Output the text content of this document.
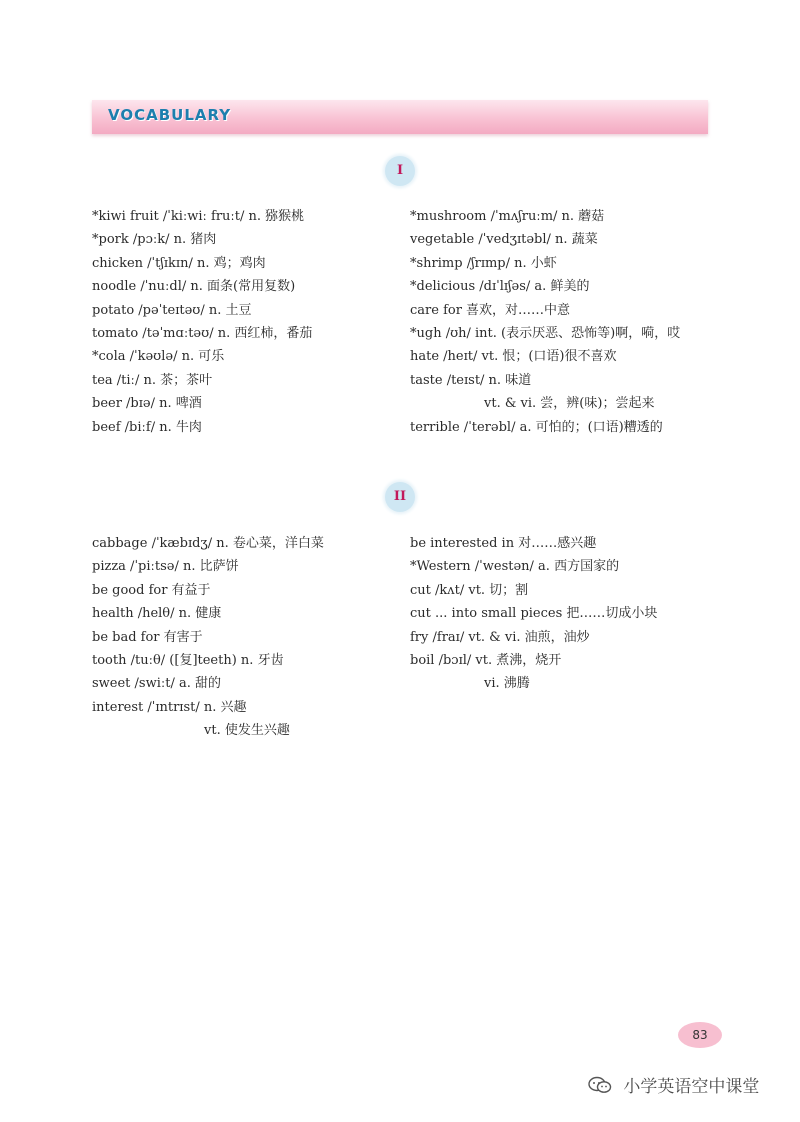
VOCABULARY
I
*kiwi fruit /ˈkiːwiː fruːt/ n. 猕猴桃
*pork /pɔːk/ n. 猪肉
chicken /ˈtʃɪkɪn/ n. 鸡；鸡肉
noodle /ˈnuːdl/ n. 面条(常用复数)
potato /pəˈteɪtəʊ/ n. 土豆
tomato /təˈmɑːtəʊ/ n. 西红柿，番茄
*cola /ˈkəʊlə/ n. 可乐
tea /tiː/ n. 茶；茶叶
beer /bɪə/ n. 啤酒
beef /biːf/ n. 牛肉
*mushroom /ˈmʌʃruːm/ n. 蘑菇
vegetable /ˈvedʒɪtəbl/ n. 蔬菜
*shrimp /ʃrɪmp/ n. 小虾
*delicious /dɪˈlɪʃəs/ a. 鲜美的
care for 喜欢，对……中意
*ugh /ʊh/ int. (表示厌恶、恐怖等)啊，嗬，哎
hate /heɪt/ vt. 恨；(口语)很不喜欢
taste /teɪst/ n. 味道
vt. & vi. 尝，辨(味)；尝起来
terrible /ˈterəbl/ a. 可怕的；(口语)糟透的
II
cabbage /ˈkæbɪdʒ/ n. 卷心菜，洋白菜
pizza /ˈpiːtsə/ n. 比萨饼
be good for 有益于
health /helθ/ n. 健康
be bad for 有害于
tooth /tuːθ/ ([复]teeth) n. 牙齿
sweet /swiːt/ a. 甜的
interest /ˈɪntrɪst/ n. 兴趣
vt. 使发生兴趣
be interested in 对……感兴趣
*Western /ˈwestən/ a. 西方国家的
cut /kʌt/ vt. 切；割
cut ... into small pieces 把……切成小块
fry /fraɪ/ vt. & vi. 油煎，油炒
boil /bɔɪl/ vt. 煮沸，烧开
vi. 沸腾
83
小学英语空中课堂
